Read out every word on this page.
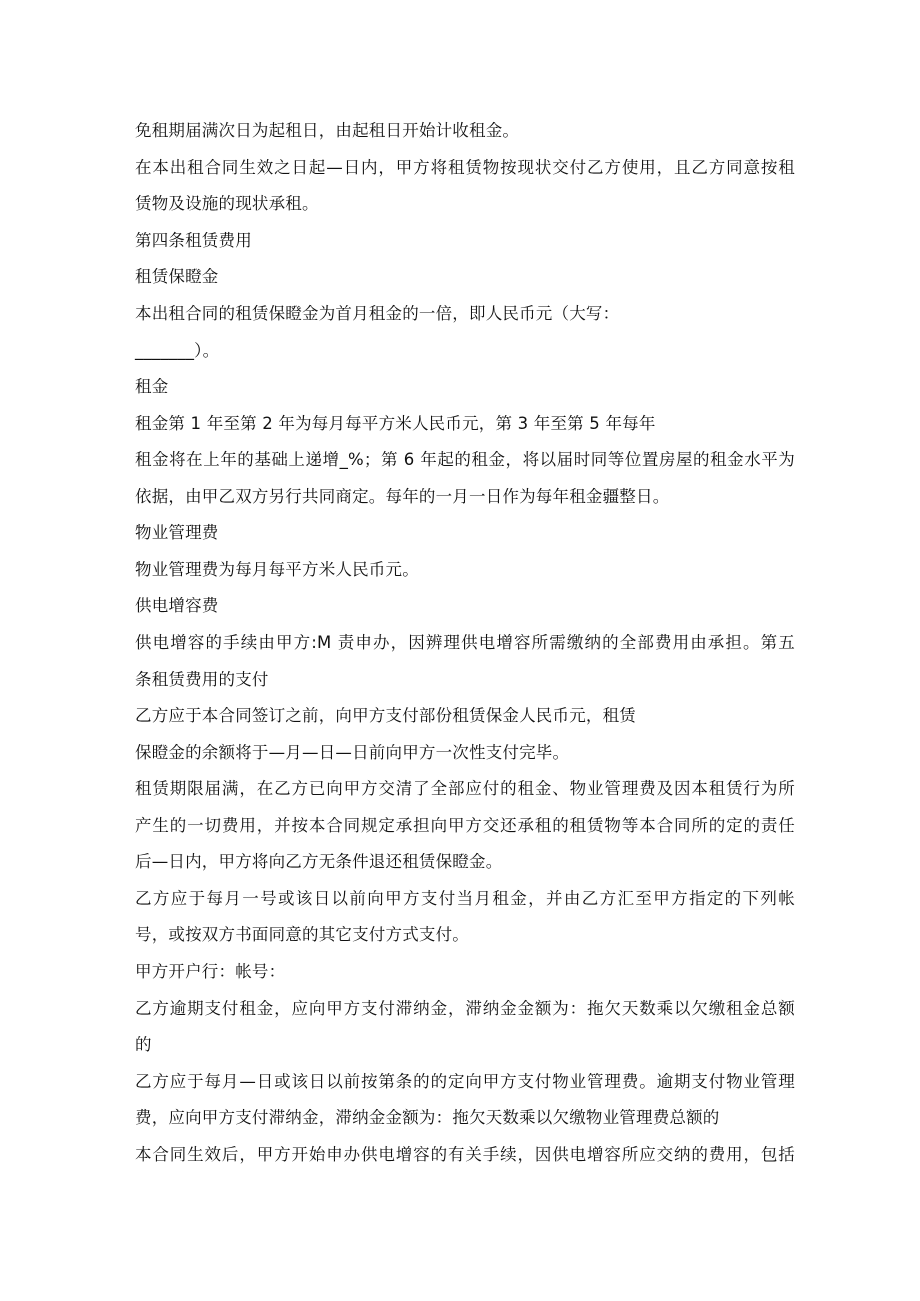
免租期届满次日为起租日，由起租日开始计收租金。
在本出租合同生效之日起—日内，甲方将租赁物按现状交付乙方使用，且乙方同意按租
赁物及设施的现状承租。
第四条租赁费用
租赁保瞪金
本出租合同的租赁保瞪金为首月租金的一倍，即人民币元（大写：
_______）。
租金
租金第 1 年至第 2 年为每月每平方米人民币元，第 3 年至第 5 年每年
租金将在上年的基础上递增_%；第 6 年起的租金，将以届时同等位置房屋的租金水平为
依据，由甲乙双方另行共同商定。每年的一月一日作为每年租金疆整日。
物业管理费
物业管理费为每月每平方米人民币元。
供电增容费
供电增容的手续由甲方:M 责申办，因辨理供电增容所需缴纳的全部费用由承担。第五
条租赁费用的支付
乙方应于本合同签订之前，向甲方支付部份租赁保金人民币元，租赁
保瞪金的余额将于—月—日—日前向甲方一次性支付完毕。
租赁期限届满，在乙方已向甲方交清了全部应付的租金、物业管理费及因本租赁行为所
产生的一切费用，并按本合同规定承担向甲方交还承租的租赁物等本合同所的定的责任
后—日内，甲方将向乙方无条件退还租赁保瞪金。
乙方应于每月一号或该日以前向甲方支付当月租金，并由乙方汇至甲方指定的下列帐
号，或按双方书面同意的其它支付方式支付。
甲方开户行：帐号：
乙方逾期支付租金，应向甲方支付滞纳金，滞纳金金额为：拖欠天数乘以欠缴租金总额
的
乙方应于每月—日或该日以前按第条的的定向甲方支付物业管理费。逾期支付物业管理
费，应向甲方支付滞纳金，滞纳金金额为：拖欠天数乘以欠缴物业管理费总额的
本合同生效后，甲方开始申办供电增容的有关手续，因供电增容所应交纳的费用，包括
